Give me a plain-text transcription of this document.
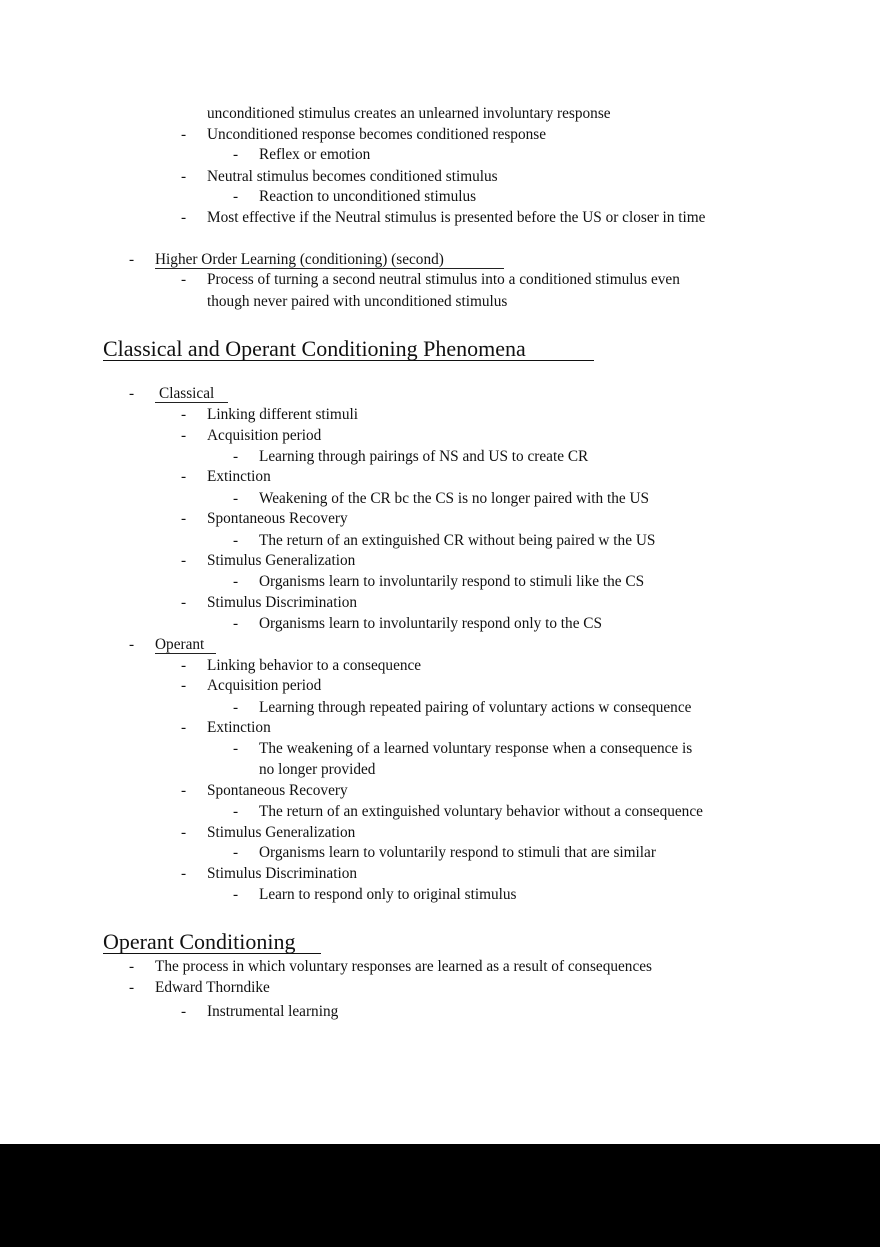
unconditioned stimulus creates an unlearned involuntary response
- Unconditioned response becomes conditioned response
- Reflex or emotion
- Neutral stimulus becomes conditioned stimulus
- Reaction to unconditioned stimulus
- Most effective if the Neutral stimulus is presented before the US or closer in time
- Higher Order Learning (conditioning) (second)
- Process of turning a second neutral stimulus into a conditioned stimulus even
though never paired with unconditioned stimulus
Classical and Operant Conditioning Phenomena
- Classical
- Linking different stimuli
- Acquisition period
- Learning through pairings of NS and US to create CR
- Extinction
- Weakening of the CR bc the CS is no longer paired with the US
- Spontaneous Recovery
- The return of an extinguished CR without being paired w the US
- Stimulus Generalization
- Organisms learn to involuntarily respond to stimuli like the CS
- Stimulus Discrimination
- Organisms learn to involuntarily respond only to the CS
- Operant
- Linking behavior to a consequence
- Acquisition period
- Learning through repeated pairing of voluntary actions w consequence
- Extinction
- The weakening of a learned voluntary response when a consequence is
no longer provided
- Spontaneous Recovery
- The return of an extinguished voluntary behavior without a consequence
- Stimulus Generalization
- Organisms learn to voluntarily respond to stimuli that are similar
- Stimulus Discrimination
- Learn to respond only to original stimulus
Operant Conditioning
- The process in which voluntary responses are learned as a result of consequences
- Edward Thorndike
- Instrumental learning
